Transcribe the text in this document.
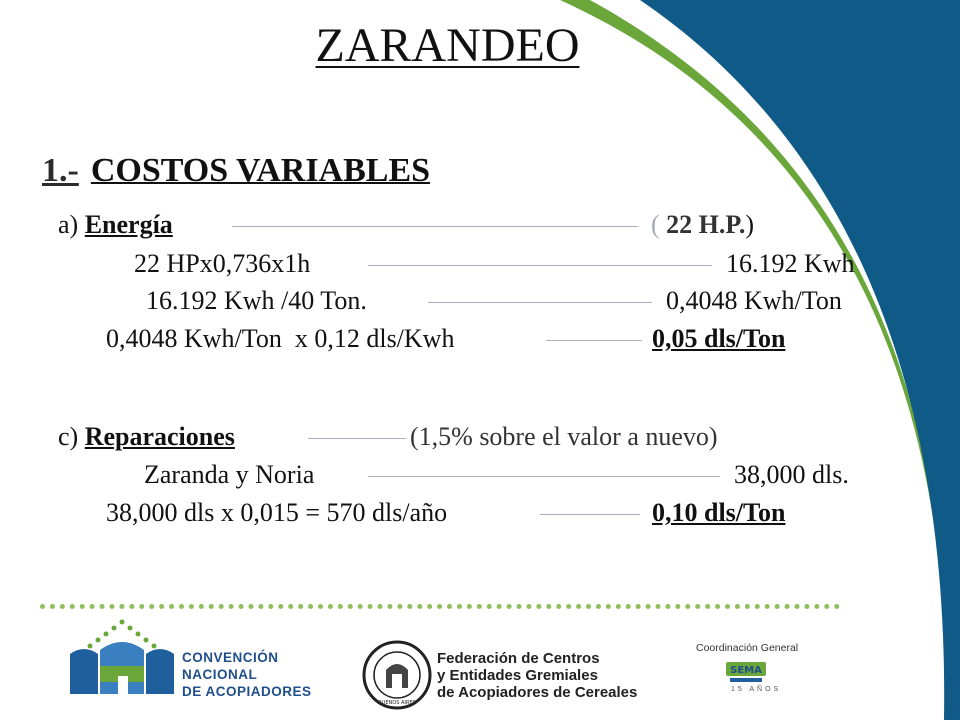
ZARANDEO
1.- COSTOS VARIABLES
a) Energía	( 22 H.P.)
22 HPx0,736x1h	16.192 Kwh
16.192 Kwh /40 Ton.	0,4048 Kwh/Ton
0,4048 Kwh/Ton  x 0,12 dls/Kwh	0,05 dls/Ton
c) Reparaciones	(1,5% sobre el valor a nuevo)
Zaranda y Noria	38,000 dls.
38,000 dls x 0,015 = 570 dls/año	0,10 dls/Ton
CONVENCIÓN
NACIONAL
DE ACOPIADORES
BUENOS AIRES
Federación de Centros
y Entidades Gremiales
de Acopiadores de Cereales
Coordinación General
SEMA
15 AÑOS
